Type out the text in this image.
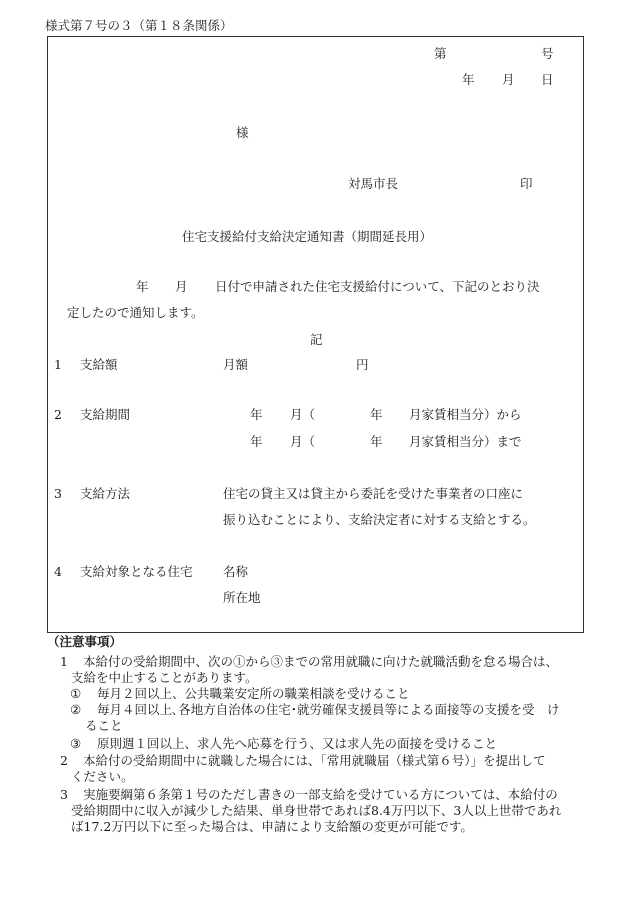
様式第７号の３（第１８条関係）
第	号
年 月 日
様
対馬市長	印
住宅支援給付支給決定通知書（期間延長用）
年 月 日付で申請された住宅支援給付について、下記のとおり決
定したので通知します。
記
1 支給額	月額	円
2 支給期間	年 月（	年 月家賃相当分）から
年 月（	年 月家賃相当分）まで
3 支給方法	住宅の貸主又は貸主から委託を受けた事業者の口座に
振り込むことにより、支給決定者に対する支給とする。
4 支給対象となる住宅 名称
所在地
（注意事項）
1 本給付の受給期間中、次の①から③までの常用就職に向けた就職活動を怠る場合は、
支給を中止することがあります。
① 毎月２回以上、公共職業安定所の職業相談を受けること
② 毎月４回以上､各地方自治体の住宅･就労確保支援員等による面接等の支援を受　け
ること
③ 原則週１回以上、求人先へ応募を行う、又は求人先の面接を受けること
2 本給付の受給期間中に就職した場合には、「常用就職届（様式第６号）」を提出して
ください。
3 実施要綱第６条第１号のただし書きの一部支給を受けている方については、本給付の
受給期間中に収入が減少した結果、単身世帯であれば8.4万円以下、3人以上世帯であれ
ば17.2万円以下に至った場合は、申請により支給額の変更が可能です。
